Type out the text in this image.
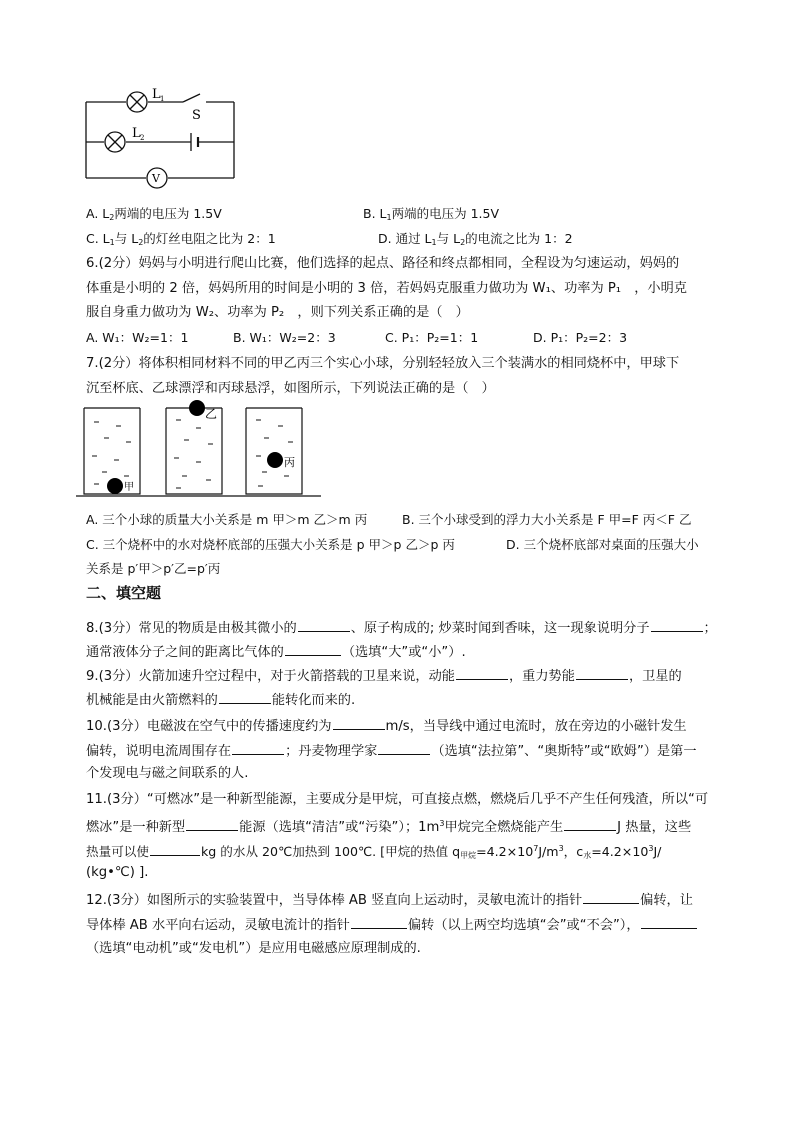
L 1
S
L 2
V
A. $L_2$两端的电压为 1.5V	B. $L_1$两端的电压为 1.5V
C. $L_1$与 $L_2$的灯丝电阻之比为 2：1	D. 通过 $L_1$与 $L_2$的电流之比为 1：2
6.(2分）妈妈与小明进行爬山比赛，他们选择的起点、路径和终点都相同，全程设为匀速运动，妈妈的
体重是小明的 2 倍，妈妈所用的时间是小明的 3 倍，若妈妈克服重力做功为 W₁、功率为 P₁　，小明克
服自身重力做功为 W₂、功率为 P₂　，则下列关系正确的是（　）
A. W₁：W₂=1：1	B. W₁：W₂=2：3	C. P₁：P₂=1：1	D. P₁：P₂=2：3
7.(2分）将体积相同材料不同的甲乙丙三个实心小球，分别轻轻放入三个装满水的相同烧杯中，甲球下
沉至杯底、乙球漂浮和丙球悬浮，如图所示，下列说法正确的是（　）
甲
乙
丙
A. 三个小球的质量大小关系是 m 甲＞m 乙＞m 丙	B. 三个小球受到的浮力大小关系是 F 甲=F 丙＜F 乙
C. 三个烧杯中的水对烧杯底部的压强大小关系是 p 甲＞p 乙＞p 丙	D. 三个烧杯底部对桌面的压强大小
关系是 p′甲＞p′乙=p′丙
二、填空题
8.(3分）常见的物质是由极其微小的	、原子构成的; 炒菜时闻到香味，这一现象说明分子	；
通常液体分子之间的距离比气体的	（选填“大”或“小”）.
9.(3分）火箭加速升空过程中，对于火箭搭载的卫星来说，动能	，重力势能	，卫星的
机械能是由火箭燃料的	能转化而来的.
10.(3分）电磁波在空气中的传播速度约为	m/s，当导线中通过电流时，放在旁边的小磁针发生
偏转，说明电流周围存在	；丹麦物理学家	（选填“法拉第”、“奥斯特”或“欧姆”）是第一
个发现电与磁之间联系的人.
11.(3分）“可燃冰”是一种新型能源，主要成分是甲烷，可直接点燃，燃烧后几乎不产生任何残渣，所以“可
燃冰”是一种新型	能源（选填“清洁”或“污染”）；$1m^3$甲烷完全燃烧能产生	J 热量，这些
热量可以使	kg 的水从 20℃加热到 100℃. [甲烷的热值 $q_{甲烷}=4.2\times 10^7J/m^3$，$c_水=4.2\times 10^3J/$
(kg•℃) ].
12.(3分）如图所示的实验装置中，当导体棒 AB 竖直向上运动时，灵敏电流计的指针	偏转，让
导体棒 AB 水平向右运动，灵敏电流计的指针	偏转（以上两空均选填“会”或“不会”），
（选填“电动机”或“发电机”）是应用电磁感应原理制成的.
